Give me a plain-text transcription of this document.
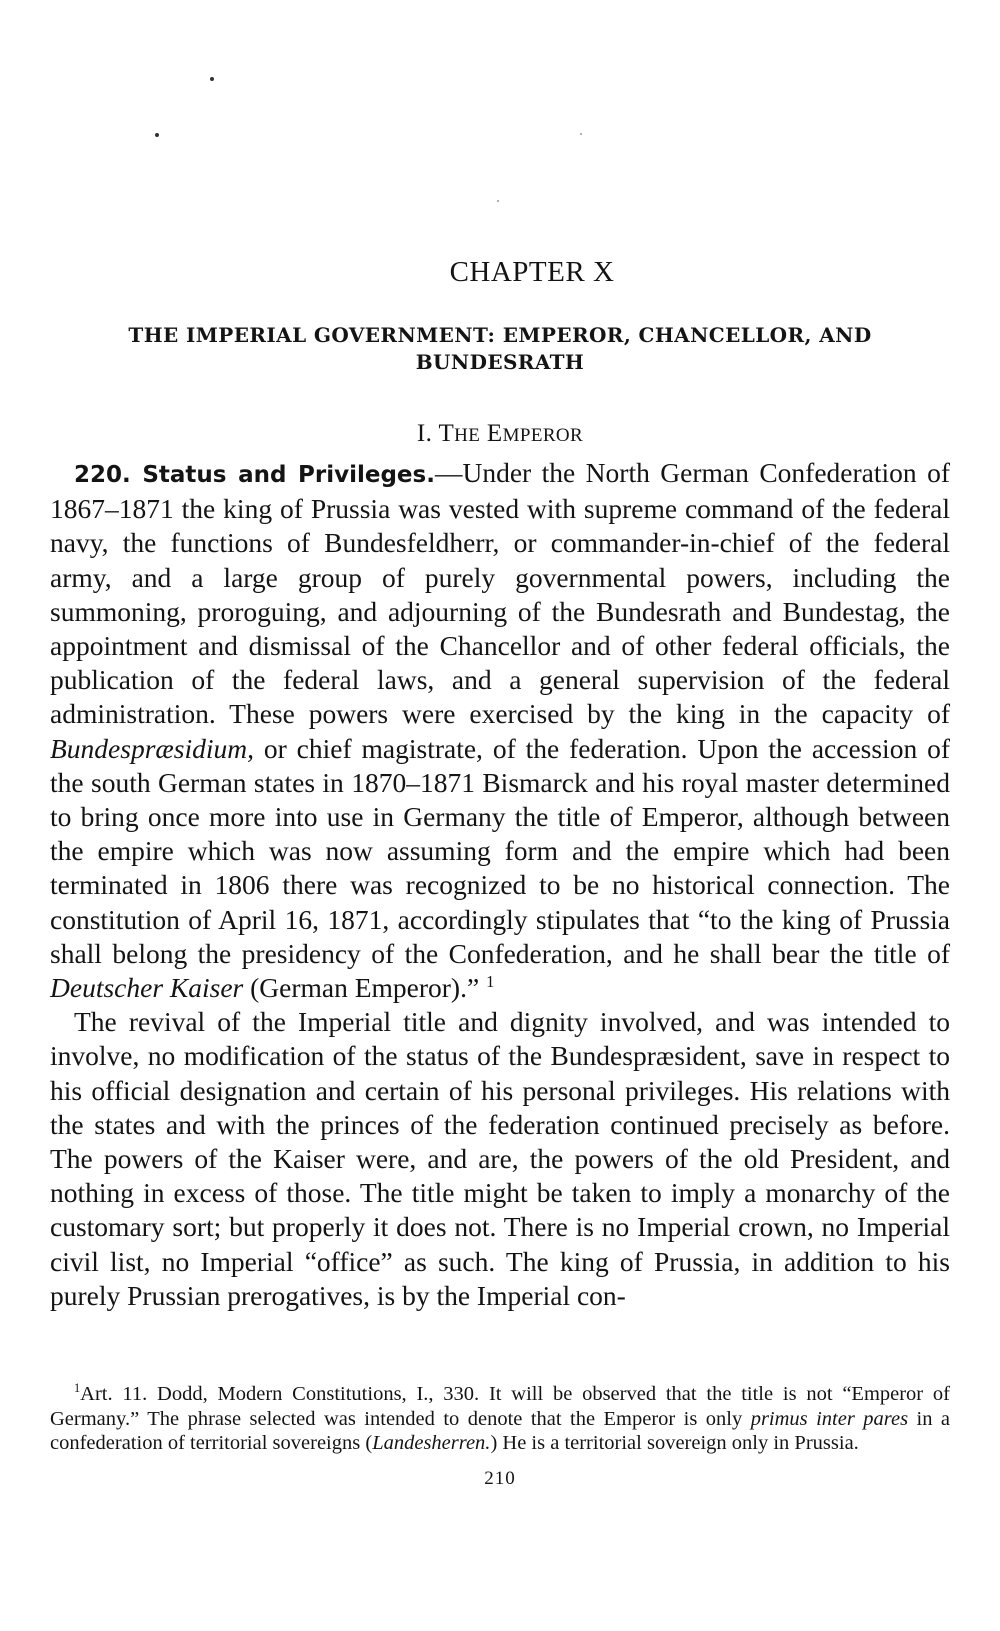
CHAPTER X
THE IMPERIAL GOVERNMENT: EMPEROR, CHANCELLOR, AND
BUNDESRATH
I. THE EMPEROR

220. Status and Privileges.—Under the North German Confederation of 1867–1871 the king of Prussia was vested with supreme command of the federal navy, the functions of Bundesfeldherr, or commander-in-chief of the federal army, and a large group of purely governmental powers, including the summoning, proroguing, and adjourning of the Bundesrath and Bundestag, the appointment and dismissal of the Chancellor and of other federal officials, the publication of the federal laws, and a general supervision of the federal administration. These powers were exercised by the king in the capacity of Bundespræsidium, or chief magistrate, of the federation. Upon the accession of the south German states in 1870–1871 Bismarck and his royal master determined to bring once more into use in Germany the title of Emperor, although between the empire which was now assuming form and the empire which had been terminated in 1806 there was recognized to be no historical connection. The constitution of April 16, 1871, accordingly stipulates that “to the king of Prussia shall belong the presidency of the Confederation, and he shall bear the title of Deutscher Kaiser (German Emperor).” $^1$

The revival of the Imperial title and dignity involved, and was intended to involve, no modification of the status of the Bundespræsident, save in respect to his official designation and certain of his personal privileges. His relations with the states and with the princes of the federation continued precisely as before. The powers of the Kaiser were, and are, the powers of the old President, and nothing in excess of those. The title might be taken to imply a monarchy of the customary sort; but properly it does not. There is no Imperial crown, no Imperial civil list, no Imperial “office” as such. The king of Prussia, in addition to his purely Prussian prerogatives, is by the Imperial con-

$^1$Art. 11. Dodd, Modern Constitutions, I., 330. It will be observed that the title is not “Emperor of Germany.” The phrase selected was intended to denote that the Emperor is only primus inter pares in a confederation of territorial sovereigns (Landesherren.) He is a territorial sovereign only in Prussia.

210
